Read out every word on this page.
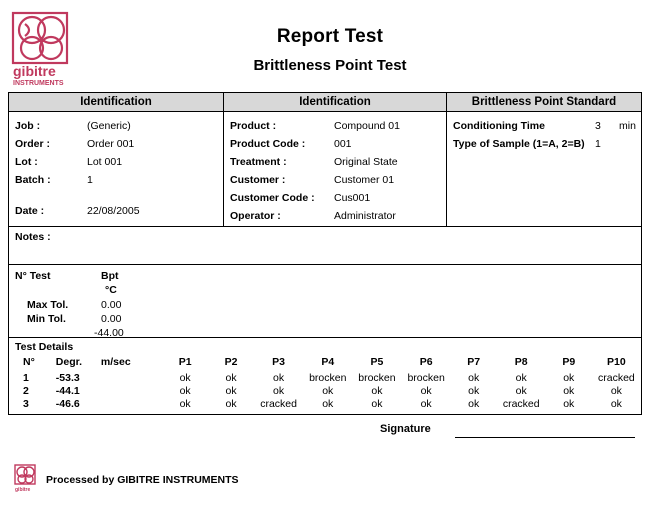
gibitre
INSTRUMENTS
Report Test
Brittleness Point Test
Identification	Identification	Brittleness Point Standard
Job :	(Generic)
Order :	Order 001
Lot :	Lot 001
Batch :	1
Date :	22/08/2005
Product :	Compound 01
Product Code :	001
Treatment :	Original State
Customer :	Customer 01
Customer Code : Cus001
Operator :	Administrator
Conditioning Time	3 min
Type of Sample (1=A, 2=B) 1
Notes :
N° Test	Bpt
°C
Max Tol.	0.00
Min Tol.	0.00
-44.00
Test Details
N°	Degr.	m/sec	P1	P2	P3	P4	P5	P6	P7	P8	P9	P10
1	-53.3		ok	ok	ok	brocken	brocken	brocken	ok	ok	ok	cracked
2	-44.1		ok	ok	ok	ok	ok	ok	ok	ok	ok	ok
3	-46.6		ok	ok	cracked	ok	ok	ok	ok	cracked	ok	ok
Signature
gibitre
Processed by GIBITRE INSTRUMENTS
